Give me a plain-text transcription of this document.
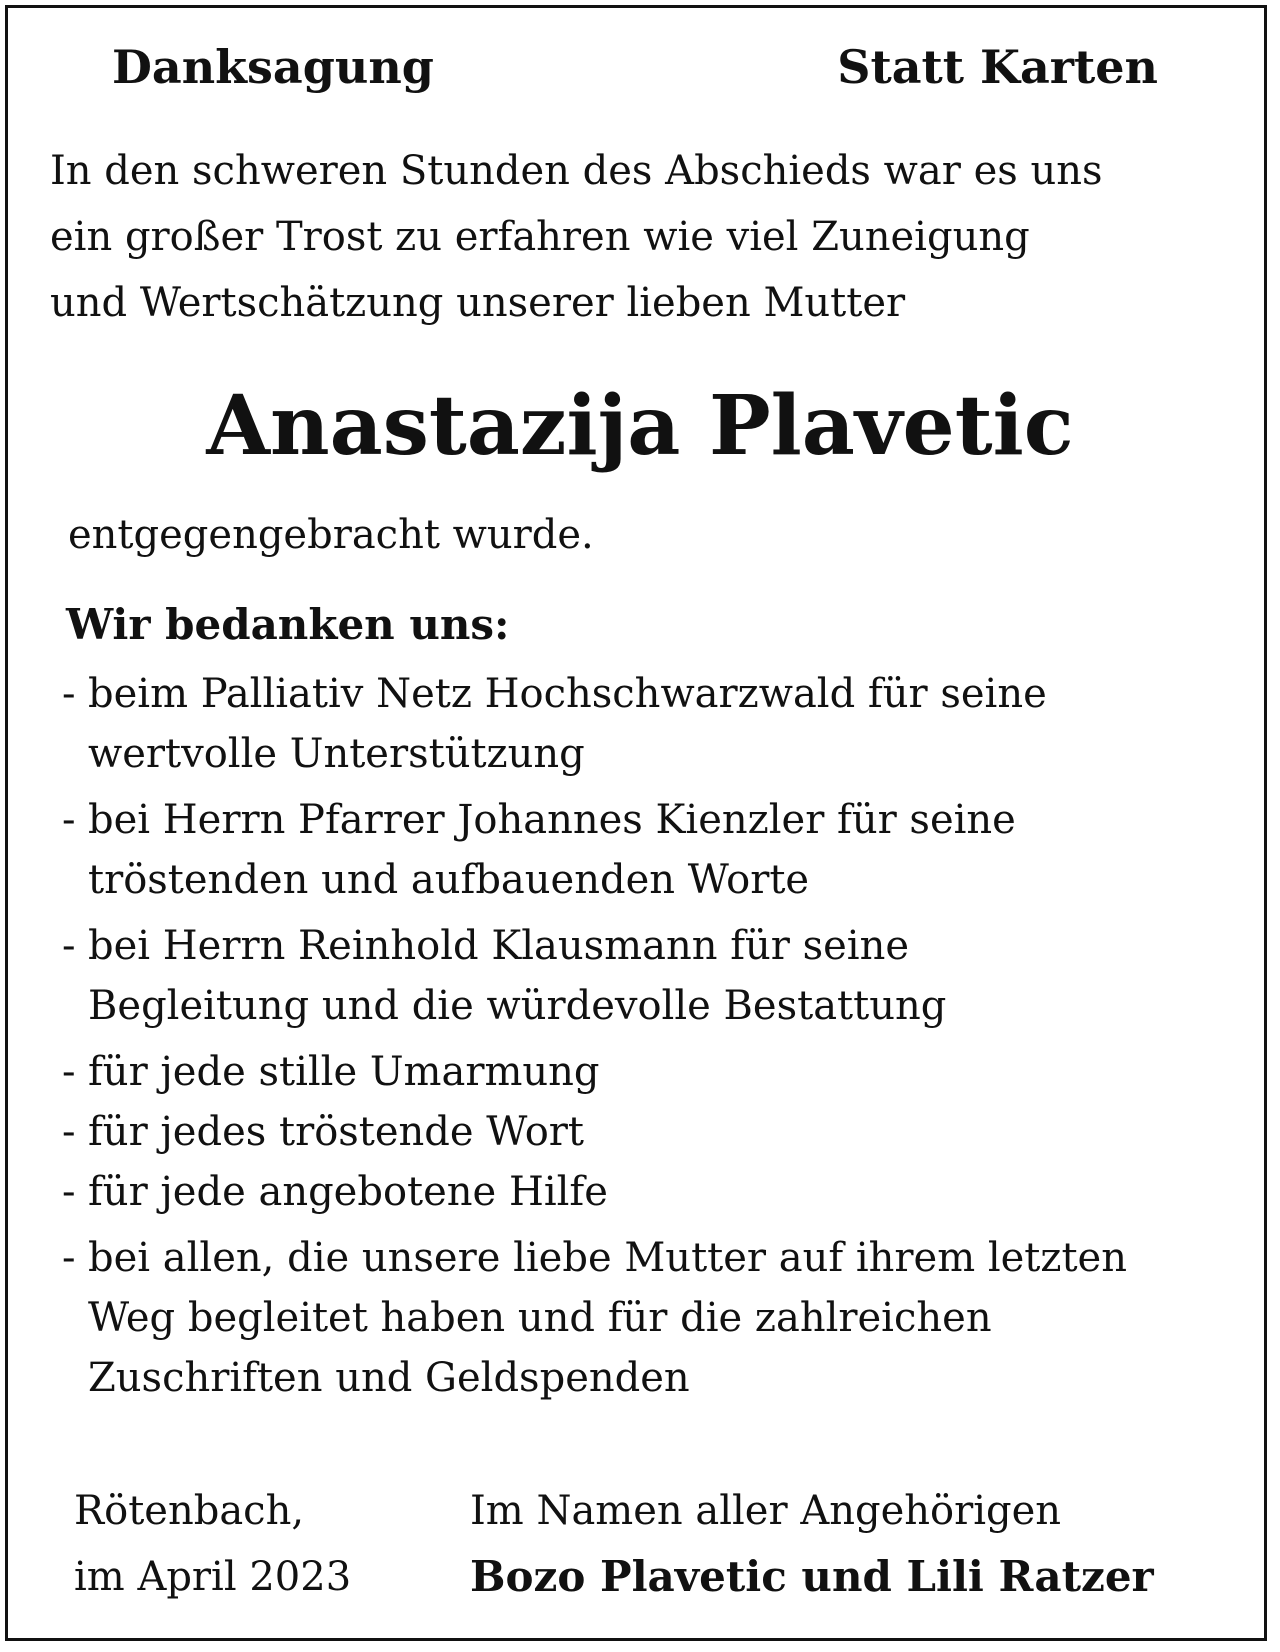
Danksagung	Statt Karten
In den schweren Stunden des Abschieds war es uns
ein großer Trost zu erfahren wie viel Zuneigung
und Wertschätzung unserer lieben Mutter
Anastazija Plavetic
entgegengebracht wurde.
Wir bedanken uns:
- beim Palliativ Netz Hochschwarzwald für seine
wertvolle Unterstützung
- bei Herrn Pfarrer Johannes Kienzler für seine
tröstenden und aufbauenden Worte
- bei Herrn Reinhold Klausmann für seine
Begleitung und die würdevolle Bestattung
- für jede stille Umarmung
- für jedes tröstende Wort
- für jede angebotene Hilfe
- bei allen, die unsere liebe Mutter auf ihrem letzten
Weg begleitet haben und für die zahlreichen
Zuschriften und Geldspenden
Rötenbach,
im April 2023
Im Namen aller Angehörigen
Bozo Plavetic und Lili Ratzer
